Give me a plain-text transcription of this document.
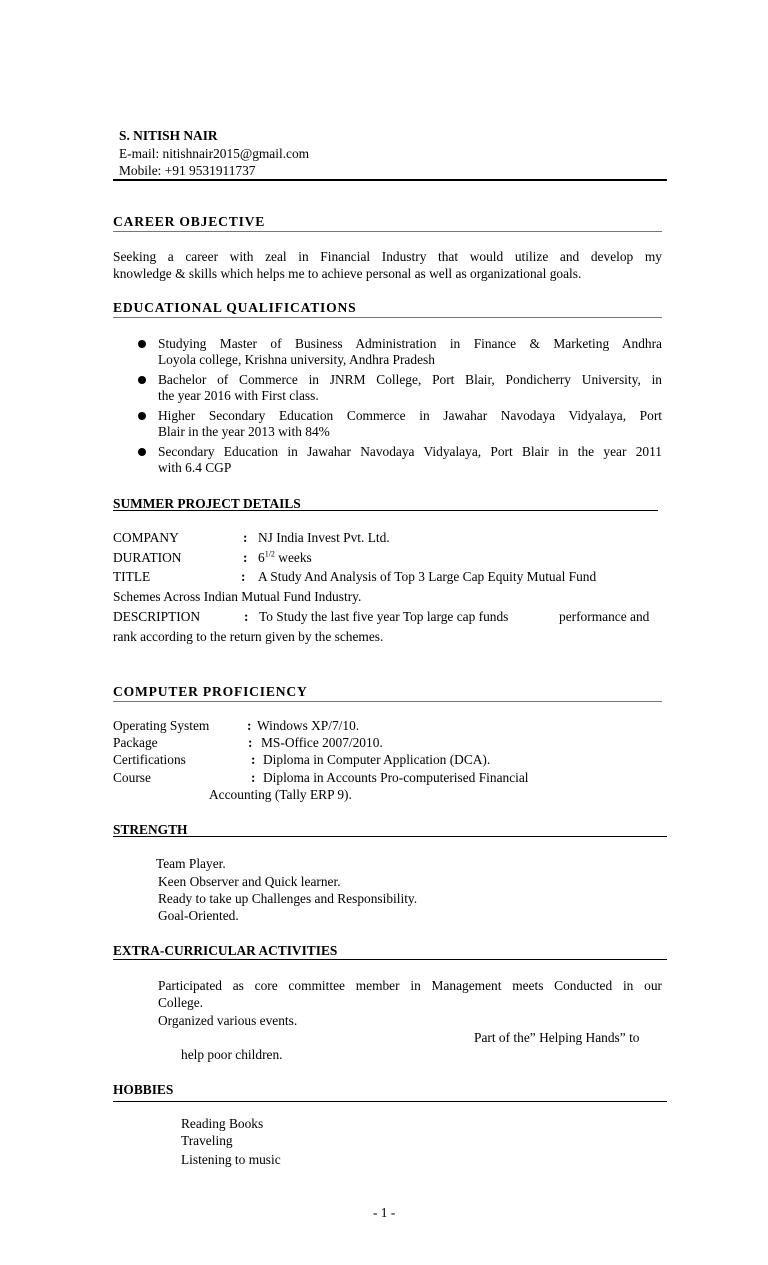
S. NITISH NAIR
E-mail: nitishnair2015@gmail.com
Mobile: +91 9531911737
CAREER OBJECTIVE
Seeking a career with zeal in Financial Industry that would utilize and develop my
knowledge & skills which helps me to achieve personal as well as organizational goals.
EDUCATIONAL QUALIFICATIONS
Studying Master of Business Administration in Finance & Marketing Andhra
Loyola college, Krishna university, Andhra Pradesh
Bachelor of Commerce in JNRM College, Port Blair, Pondicherry University, in
the year 2016 with First class.
Higher Secondary Education Commerce in Jawahar Navodaya Vidyalaya, Port
Blair in the year 2013 with 84%
Secondary Education in Jawahar Navodaya Vidyalaya, Port Blair in the year 2011
with 6.4 CGP
SUMMER PROJECT DETAILS
COMPANY	: NJ India Invest Pvt. Ltd.
DURATION	: $6^{1/2}$ weeks
TITLE	: A Study And Analysis of Top 3 Large Cap Equity Mutual Fund
Schemes Across Indian Mutual Fund Industry.
DESCRIPTION	: To Study the last five year Top large cap funds	performance and
rank according to the return given by the schemes.
COMPUTER PROFICIENCY
Operating System	: Windows XP/7/10.
Package	: MS-Office 2007/2010.
Certifications	: Diploma in Computer Application (DCA).
Course	: Diploma in Accounts Pro-computerised Financial
Accounting (Tally ERP 9).
STRENGTH
Team Player.
Keen Observer and Quick learner.
Ready to take up Challenges and Responsibility.
Goal-Oriented.
EXTRA-CURRICULAR ACTIVITIES
Participated as core committee member in Management meets Conducted in our
College.
Organized various events.
Part of the” Helping Hands” to
help poor children.
HOBBIES
Reading Books
Traveling
Listening to music
- 1 -
